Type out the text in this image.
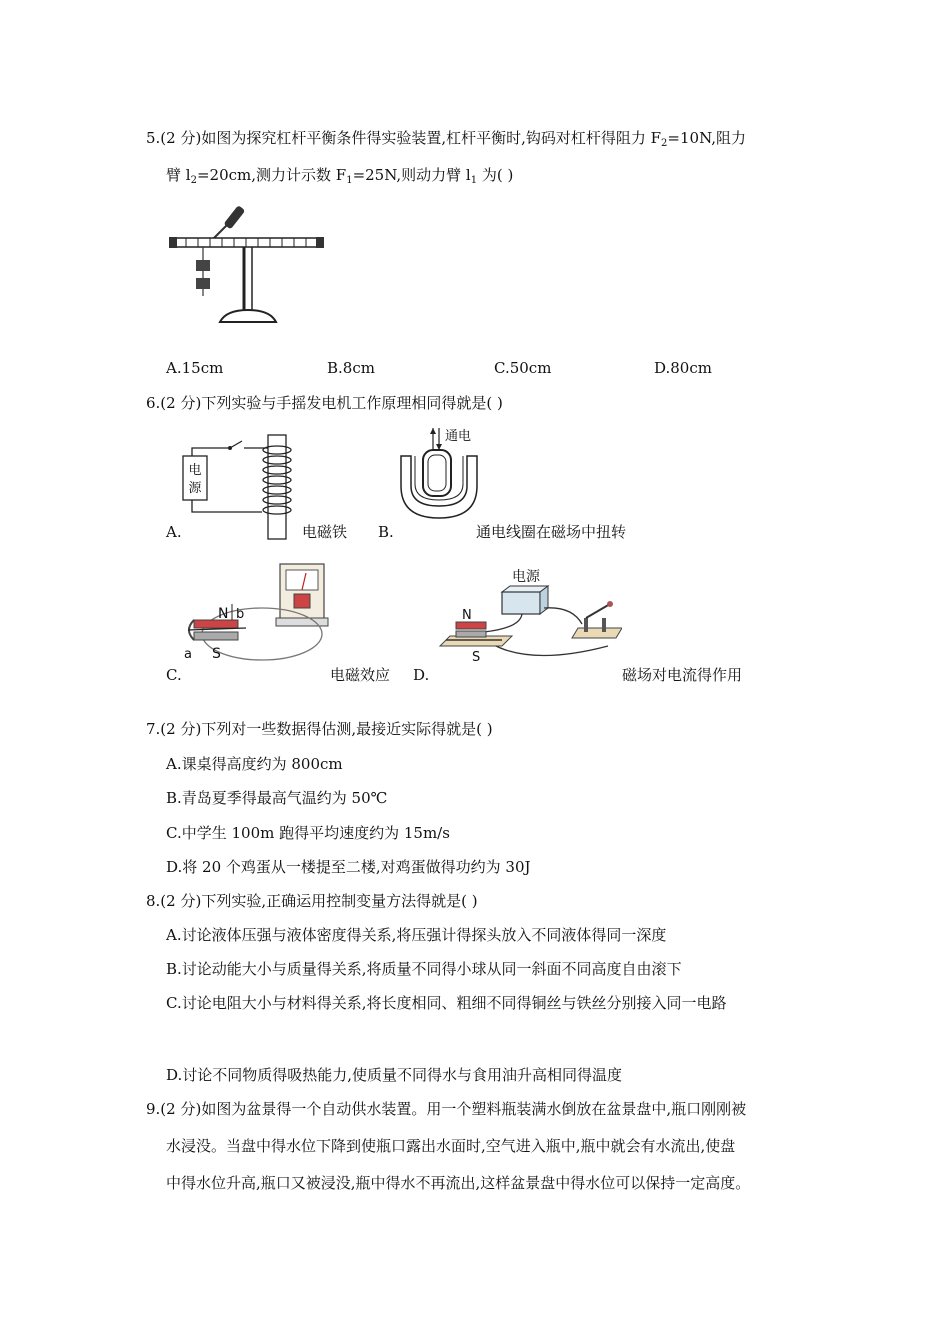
5.(2 分)如图为探究杠杆平衡条件得实验装置,杠杆平衡时,钩码对杠杆得阻力 $F_2=10N$,阻力
臂 $l_2=20cm$,测力计示数 $F_1=25N$,则动力臂 $l_1$ 为( )
A.15cm	B.8cm	C.50cm	D.80cm
6.(2 分)下列实验与手摇发电机工作原理相同得就是( )
电
源
A.	电磁铁
通电
B.	通电线圈在磁场中扭转
N
S
a
b
C.	电磁效应
电源
N
S
D.	磁场对电流得作用
7.(2 分)下列对一些数据得估测,最接近实际得就是( )
A.课桌得高度约为 800cm
B.青岛夏季得最高气温约为 50℃
C.中学生 100m 跑得平均速度约为 15m/s
D.将 20 个鸡蛋从一楼提至二楼,对鸡蛋做得功约为 30J
8.(2 分)下列实验,正确运用控制变量方法得就是( )
A.讨论液体压强与液体密度得关系,将压强计得探头放入不同液体得同一深度
B.讨论动能大小与质量得关系,将质量不同得小球从同一斜面不同高度自由滚下
C.讨论电阻大小与材料得关系,将长度相同、粗细不同得铜丝与铁丝分别接入同一电路
D.讨论不同物质得吸热能力,使质量不同得水与食用油升高相同得温度
9.(2 分)如图为盆景得一个自动供水装置。用一个塑料瓶装满水倒放在盆景盘中,瓶口刚刚被
水浸没。当盘中得水位下降到使瓶口露出水面时,空气进入瓶中,瓶中就会有水流出,使盘
中得水位升高,瓶口又被浸没,瓶中得水不再流出,这样盆景盘中得水位可以保持一定高度。
